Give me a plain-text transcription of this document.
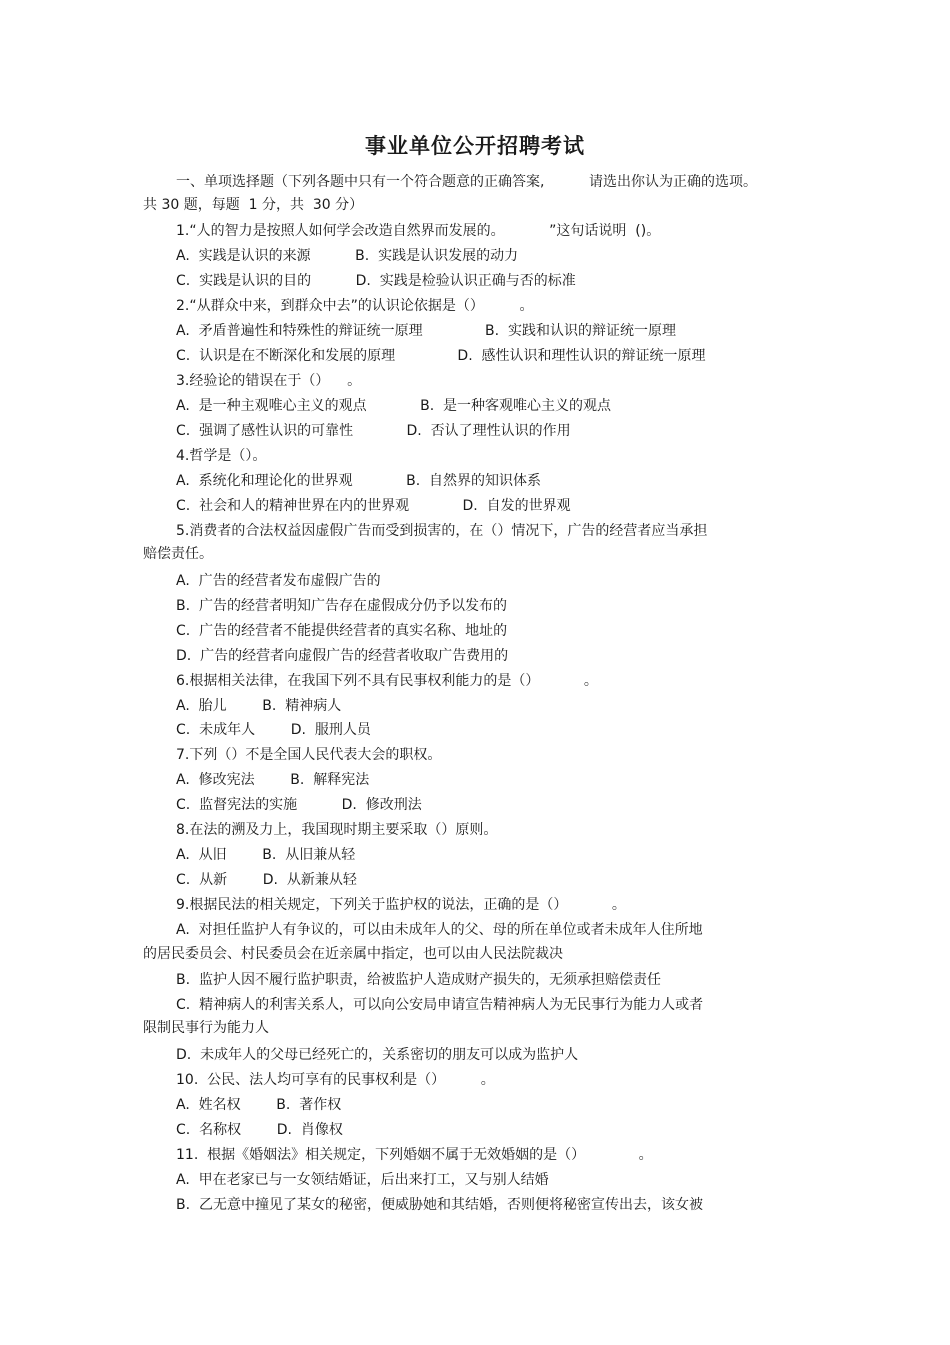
事业单位公开招聘考试
一、单项选择题（下列各题中只有一个符合题意的正确答案,          请选出你认为正确的选项。
共 30 题，每题  1 分，共  30 分）
1.“人的智力是按照人如何学会改造自然界而发展的。          ”这句话说明  ()。
A.  实践是认识的来源          B.  实践是认识发展的动力
C.  实践是认识的目的          D.  实践是检验认识正确与否的标准
2.“从群众中来，到群众中去”的认识论依据是（）        。
A.  矛盾普遍性和特殊性的辩证统一原理              B.  实践和认识的辩证统一原理
C.  认识是在不断深化和发展的原理              D.  感性认识和理性认识的辩证统一原理
3.经验论的错误在于（）    。
A.  是一种主观唯心主义的观点            B.  是一种客观唯心主义的观点
C.  强调了感性认识的可靠性            D.  否认了理性认识的作用
4.哲学是（）。
A.  系统化和理论化的世界观            B.  自然界的知识体系
C.  社会和人的精神世界在内的世界观            D.  自发的世界观
5.消费者的合法权益因虚假广告而受到损害的，在（）情况下，广告的经营者应当承担
赔偿责任。
A.  广告的经营者发布虚假广告的
B.  广告的经营者明知广告存在虚假成分仍予以发布的
C.  广告的经营者不能提供经营者的真实名称、地址的
D.  广告的经营者向虚假广告的经营者收取广告费用的
6.根据相关法律，在我国下列不具有民事权利能力的是（）          。
A.  胎儿        B.  精神病人
C.  未成年人        D.  服刑人员
7.下列（）不是全国人民代表大会的职权。
A.  修改宪法        B.  解释宪法
C.  监督宪法的实施          D.  修改刑法
8.在法的溯及力上，我国现时期主要采取（）原则。
A.  从旧        B.  从旧兼从轻
C.  从新        D.  从新兼从轻
9.根据民法的相关规定，下列关于监护权的说法，正确的是（）          。
A.  对担任监护人有争议的，可以由未成年人的父、母的所在单位或者未成年人住所地
的居民委员会、村民委员会在近亲属中指定，也可以由人民法院裁决
B.  监护人因不履行监护职责，给被监护人造成财产损失的，无须承担赔偿责任
C.  精神病人的利害关系人，可以向公安局申请宣告精神病人为无民事行为能力人或者
限制民事行为能力人
D.  未成年人的父母已经死亡的，关系密切的朋友可以成为监护人
10.  公民、法人均可享有的民事权利是（）        。
A.  姓名权        B.  著作权
C.  名称权        D.  肖像权
11.  根据《婚姻法》相关规定，下列婚姻不属于无效婚姻的是（）            。
A.  甲在老家已与一女领结婚证，后出来打工，又与别人结婚
B.  乙无意中撞见了某女的秘密，便威胁她和其结婚，否则便将秘密宣传出去，该女被
